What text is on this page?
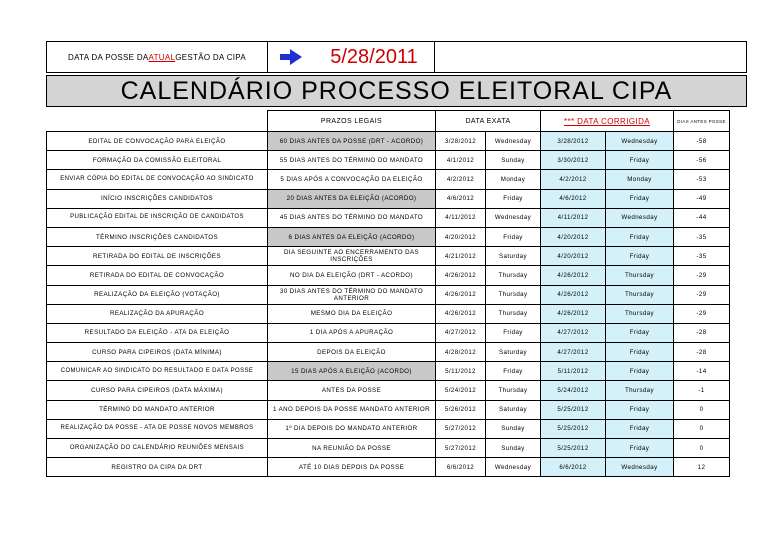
DATA DA POSSE DA ATUAL GESTÃO DA CIPA	5/28/2011
CALENDÁRIO PROCESSO ELEITORAL CIPA
	PRAZOS LEGAIS	DATA EXATA		*** DATA CORRIGIDA		DIAS ANTES POSSE
EDITAL DE CONVOCAÇÃO PARA ELEIÇÃO	60 DIAS ANTES DA POSSE (DRT - ACORDO)	3/28/2012	Wednesday	3/28/2012	Wednesday	-58
FORMAÇÃO DA COMISSÃO ELEITORAL	55 DIAS ANTES DO TÉRMINO DO MANDATO	4/1/2012	Sunday	3/30/2012	Friday	-56
ENVIAR CÓPIA DO EDITAL DE CONVOCAÇÃO AO SINDICATO	5 DIAS APÓS A CONVOCAÇÃO DA ELEIÇÃO	4/2/2012	Monday	4/2/2012	Monday	-53
INÍCIO INSCRIÇÕES CANDIDATOS	20 DIAS ANTES DA ELEIÇÃO (ACORDO)	4/6/2012	Friday	4/6/2012	Friday	-49
PUBLICAÇÃO EDITAL DE INSCRIÇÃO DE CANDIDATOS	45 DIAS ANTES DO TÉRMINO DO MANDATO	4/11/2012	Wednesday	4/11/2012	Wednesday	-44
TÉRMINO INSCRIÇÕES CANDIDATOS	6 DIAS ANTES DA ELEIÇÃO (ACORDO)	4/20/2012	Friday	4/20/2012	Friday	-35
RETIRADA DO EDITAL DE INSCRIÇÕES	DIA SEGUINTE AO ENCERRAMENTO DAS INSCRIÇÕES	4/21/2012	Saturday	4/20/2012	Friday	-35
RETIRADA DO EDITAL DE CONVOCAÇÃO	NO DIA DA ELEIÇÃO (DRT - ACORDO)	4/26/2012	Thursday	4/26/2012	Thursday	-29
REALIZAÇÃO DA ELEIÇÃO (VOTAÇÃO)	30 DIAS ANTES DO TÉRMINO DO MANDATO ANTERIOR	4/26/2012	Thursday	4/26/2012	Thursday	-29
REALIZAÇÃO DA APURAÇÃO	MESMO DIA DA ELEIÇÃO	4/26/2012	Thursday	4/26/2012	Thursday	-29
RESULTADO DA ELEIÇÃO - ATA DA ELEIÇÃO	1 DIA APÓS A APURAÇÃO	4/27/2012	Friday	4/27/2012	Friday	-28
CURSO PARA CIPEIROS (DATA MÍNIMA)	DEPOIS DA ELEIÇÃO	4/28/2012	Saturday	4/27/2012	Friday	-28
COMUNICAR AO SINDICATO DO RESULTADO E DATA POSSE	15 DIAS APÓS A ELEIÇÃO (ACORDO)	5/11/2012	Friday	5/11/2012	Friday	-14
CURSO PARA CIPEIROS (DATA MÁXIMA)	ANTES DA POSSE	5/24/2012	Thursday	5/24/2012	Thursday	-1
TÉRMINO DO MANDATO ANTERIOR	1 ANO DEPOIS DA POSSE MANDATO ANTERIOR	5/26/2012	Saturday	5/25/2012	Friday	0
REALIZAÇÃO DA POSSE - ATA DE POSSE NOVOS MEMBROS	1º DIA DEPOIS DO MANDATO ANTERIOR	5/27/2012	Sunday	5/25/2012	Friday	0
ORGANIZAÇÃO DO CALENDÁRIO REUNIÕES MENSAIS	NA REUNIÃO DA POSSE	5/27/2012	Sunday	5/25/2012	Friday	0
REGISTRO DA CIPA DA DRT	ATÉ 10 DIAS DEPOIS DA POSSE	6/6/2012	Wednesday	6/6/2012	Wednesday	12
